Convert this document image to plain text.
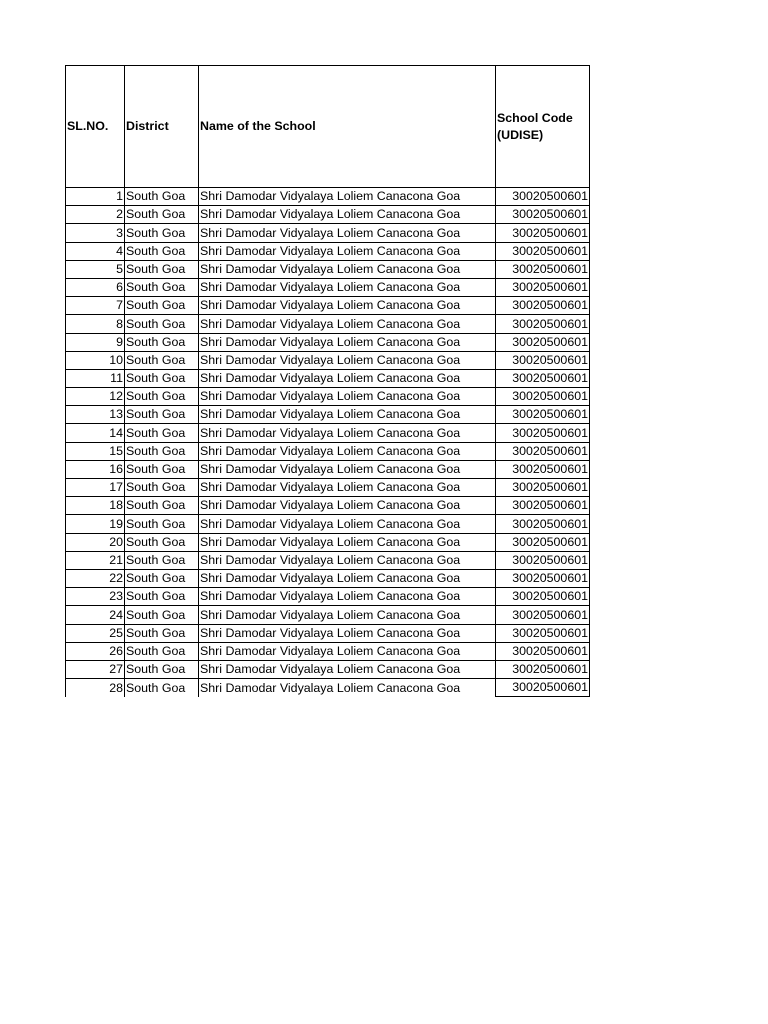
SL.NO.	District	Name of the School	School Code
(UDISE)
1	South Goa	Shri Damodar Vidyalaya Loliem Canacona Goa	30020500601
2	South Goa	Shri Damodar Vidyalaya Loliem Canacona Goa	30020500601
3	South Goa	Shri Damodar Vidyalaya Loliem Canacona Goa	30020500601
4	South Goa	Shri Damodar Vidyalaya Loliem Canacona Goa	30020500601
5	South Goa	Shri Damodar Vidyalaya Loliem Canacona Goa	30020500601
6	South Goa	Shri Damodar Vidyalaya Loliem Canacona Goa	30020500601
7	South Goa	Shri Damodar Vidyalaya Loliem Canacona Goa	30020500601
8	South Goa	Shri Damodar Vidyalaya Loliem Canacona Goa	30020500601
9	South Goa	Shri Damodar Vidyalaya Loliem Canacona Goa	30020500601
10	South Goa	Shri Damodar Vidyalaya Loliem Canacona Goa	30020500601
11	South Goa	Shri Damodar Vidyalaya Loliem Canacona Goa	30020500601
12	South Goa	Shri Damodar Vidyalaya Loliem Canacona Goa	30020500601
13	South Goa	Shri Damodar Vidyalaya Loliem Canacona Goa	30020500601
14	South Goa	Shri Damodar Vidyalaya Loliem Canacona Goa	30020500601
15	South Goa	Shri Damodar Vidyalaya Loliem Canacona Goa	30020500601
16	South Goa	Shri Damodar Vidyalaya Loliem Canacona Goa	30020500601
17	South Goa	Shri Damodar Vidyalaya Loliem Canacona Goa	30020500601
18	South Goa	Shri Damodar Vidyalaya Loliem Canacona Goa	30020500601
19	South Goa	Shri Damodar Vidyalaya Loliem Canacona Goa	30020500601
20	South Goa	Shri Damodar Vidyalaya Loliem Canacona Goa	30020500601
21	South Goa	Shri Damodar Vidyalaya Loliem Canacona Goa	30020500601
22	South Goa	Shri Damodar Vidyalaya Loliem Canacona Goa	30020500601
23	South Goa	Shri Damodar Vidyalaya Loliem Canacona Goa	30020500601
24	South Goa	Shri Damodar Vidyalaya Loliem Canacona Goa	30020500601
25	South Goa	Shri Damodar Vidyalaya Loliem Canacona Goa	30020500601
26	South Goa	Shri Damodar Vidyalaya Loliem Canacona Goa	30020500601
27	South Goa	Shri Damodar Vidyalaya Loliem Canacona Goa	30020500601
28	South Goa	Shri Damodar Vidyalaya Loliem Canacona Goa	30020500601
